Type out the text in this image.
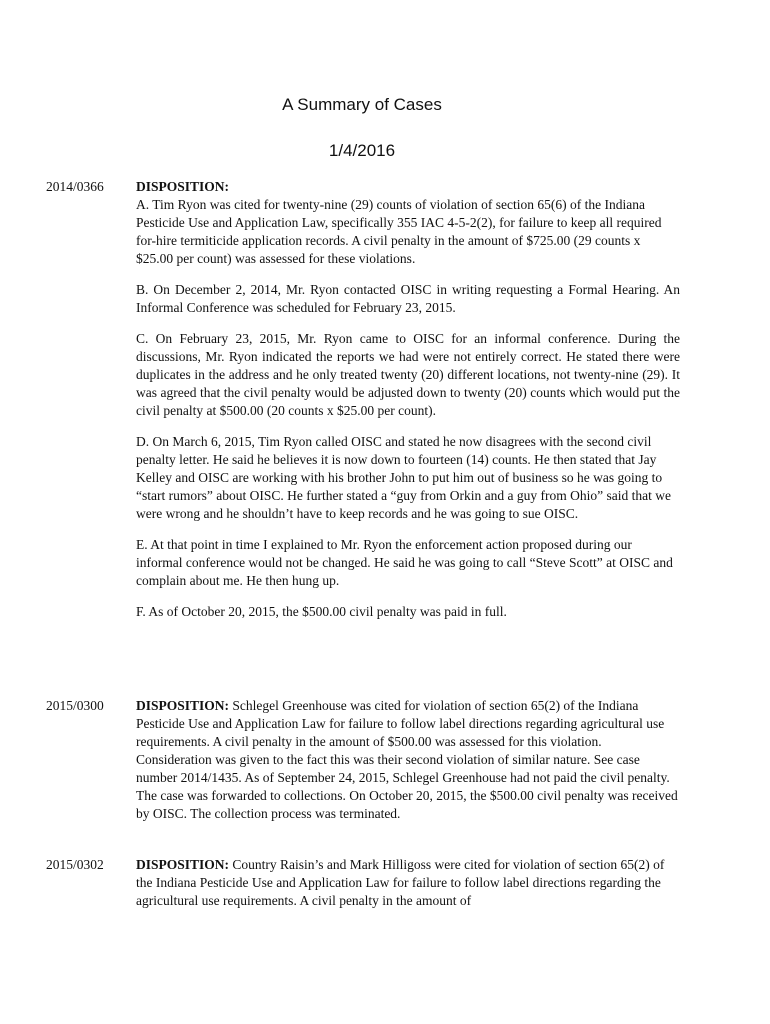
A Summary of Cases
1/4/2016
2014/0366 DISPOSITION:

A. Tim Ryon was cited for twenty-nine (29) counts of violation of section 65(6) of the Indiana Pesticide Use and Application Law, specifically 355 IAC 4-5-2(2), for failure to keep all required for-hire termiticide application records. A civil penalty in the amount of $725.00 (29 counts x $25.00 per count) was assessed for these violations.

B. On December 2, 2014, Mr. Ryon contacted OISC in writing requesting a Formal Hearing. An Informal Conference was scheduled for February 23, 2015.

C. On February 23, 2015, Mr. Ryon came to OISC for an informal conference. During the discussions, Mr. Ryon indicated the reports we had were not entirely correct. He stated there were duplicates in the address and he only treated twenty (20) different locations, not twenty-nine (29). It was agreed that the civil penalty would be adjusted down to twenty (20) counts which would put the civil penalty at $500.00 (20 counts x $25.00 per count).

D. On March 6, 2015, Tim Ryon called OISC and stated he now disagrees with the second civil penalty letter. He said he believes it is now down to fourteen (14) counts. He then stated that Jay Kelley and OISC are working with his brother John to put him out of business so he was going to “start rumors” about OISC. He further stated a “guy from Orkin and a guy from Ohio” said that we were wrong and he shouldn’t have to keep records and he was going to sue OISC.

E. At that point in time I explained to Mr. Ryon the enforcement action proposed during our informal conference would not be changed. He said he was going to call “Steve Scott” at OISC and complain about me. He then hung up.

F. As of October 20, 2015, the $500.00 civil penalty was paid in full.

2015/0300 DISPOSITION: Schlegel Greenhouse was cited for violation of section 65(2) of the Indiana Pesticide Use and Application Law for failure to follow label directions regarding agricultural use requirements. A civil penalty in the amount of $500.00 was assessed for this violation. Consideration was given to the fact this was their second violation of similar nature. See case number 2014/1435. As of September 24, 2015, Schlegel Greenhouse had not paid the civil penalty. The case was forwarded to collections. On October 20, 2015, the $500.00 civil penalty was received by OISC. The collection process was terminated.

2015/0302 DISPOSITION: Country Raisin’s and Mark Hilligoss were cited for violation of section 65(2) of the Indiana Pesticide Use and Application Law for failure to follow label directions regarding the agricultural use requirements. A civil penalty in the amount of
